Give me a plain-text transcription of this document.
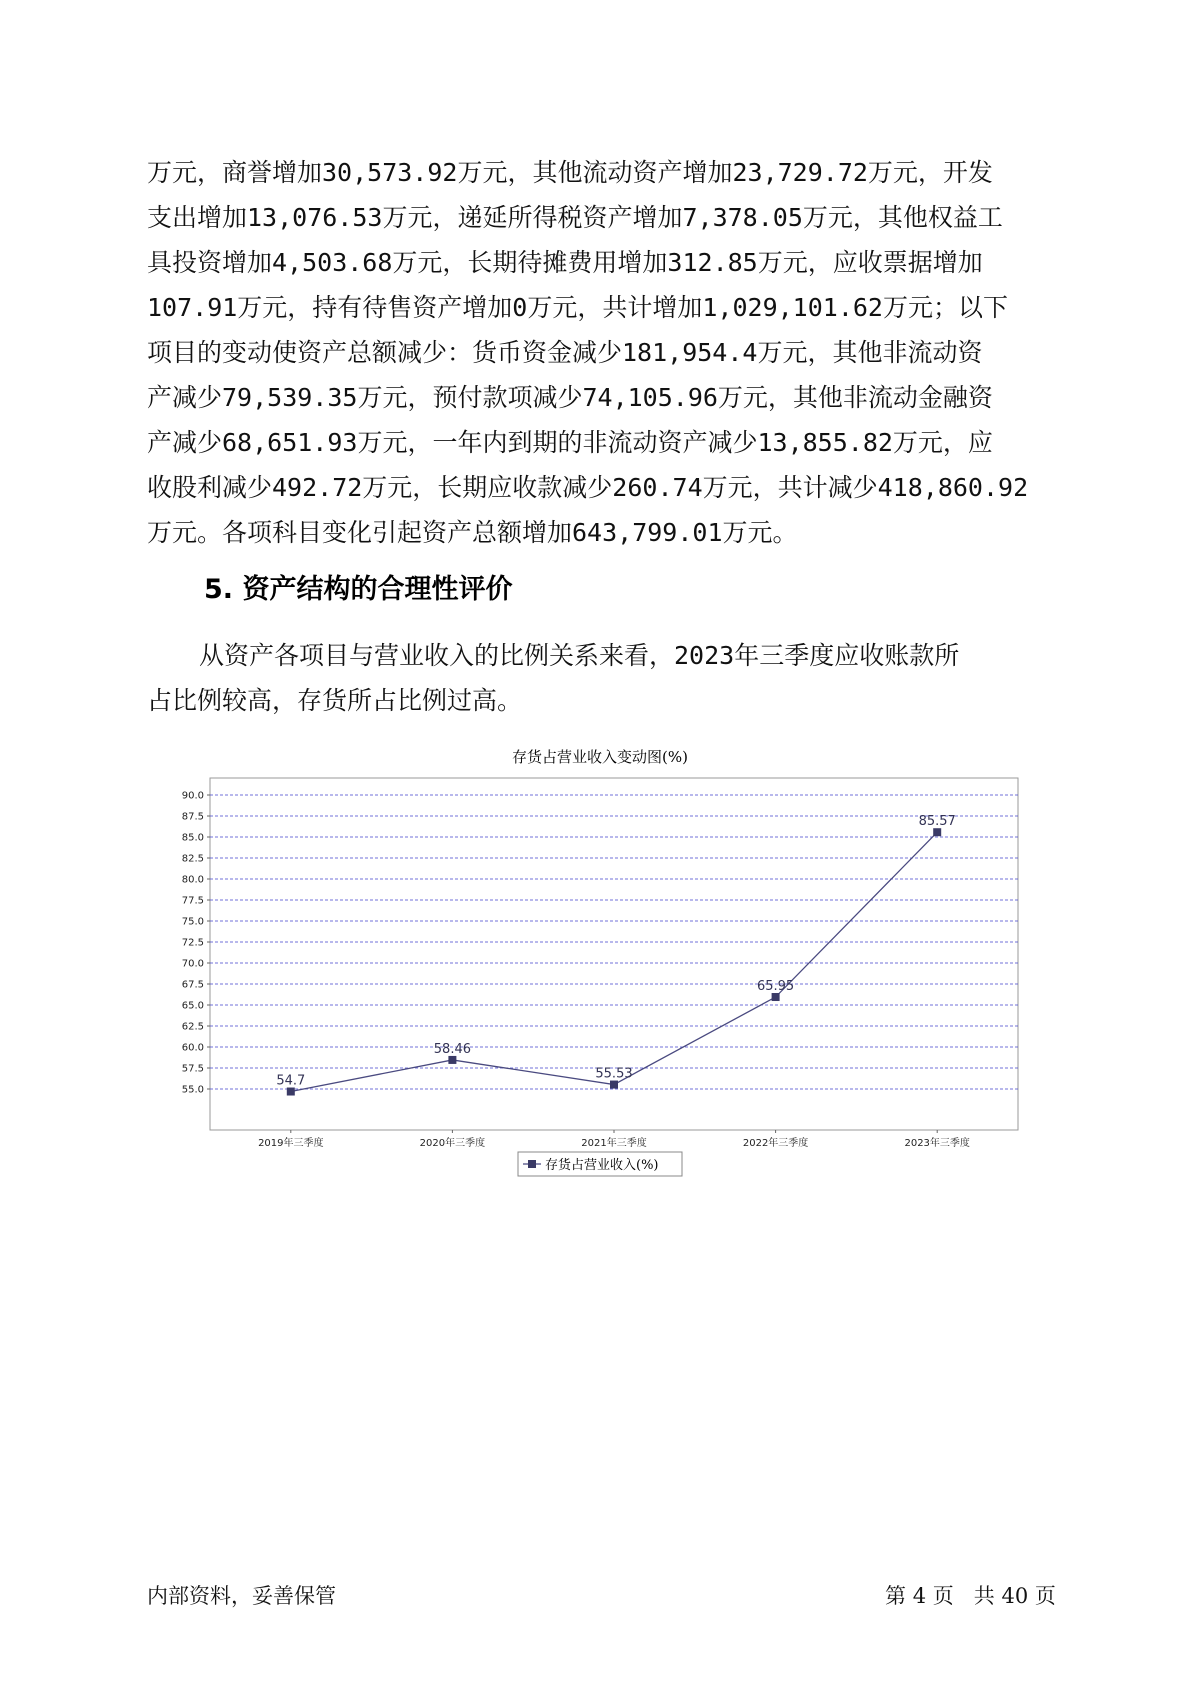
万元，商誉增加30,573.92万元，其他流动资产增加23,729.72万元，开发
支出增加13,076.53万元，递延所得税资产增加7,378.05万元，其他权益工
具投资增加4,503.68万元，长期待摊费用增加312.85万元，应收票据增加
107.91万元，持有待售资产增加0万元，共计增加1,029,101.62万元；以下
项目的变动使资产总额减少：货币资金减少181,954.4万元，其他非流动资
产减少79,539.35万元，预付款项减少74,105.96万元，其他非流动金融资
产减少68,651.93万元，一年内到期的非流动资产减少13,855.82万元，应
收股利减少492.72万元，长期应收款减少260.74万元，共计减少418,860.92
万元。各项科目变化引起资产总额增加643,799.01万元。
5. 资产结构的合理性评价
从资产各项目与营业收入的比例关系来看，2023年三季度应收账款所
占比例较高，存货所占比例过高。
存货占营业收入变动图(%)
55.0
57.5
60.0
62.5
65.0
67.5
70.0
72.5
75.0
77.5
80.0
82.5
85.0
87.5
90.0
2019年三季度	2020年三季度	2021年三季度	2022年三季度	2023年三季度
54.7
58.46
55.53
65.95
85.57
存货占营业收入(%)
内部资料，妥善保管	第 4 页 共 40 页
